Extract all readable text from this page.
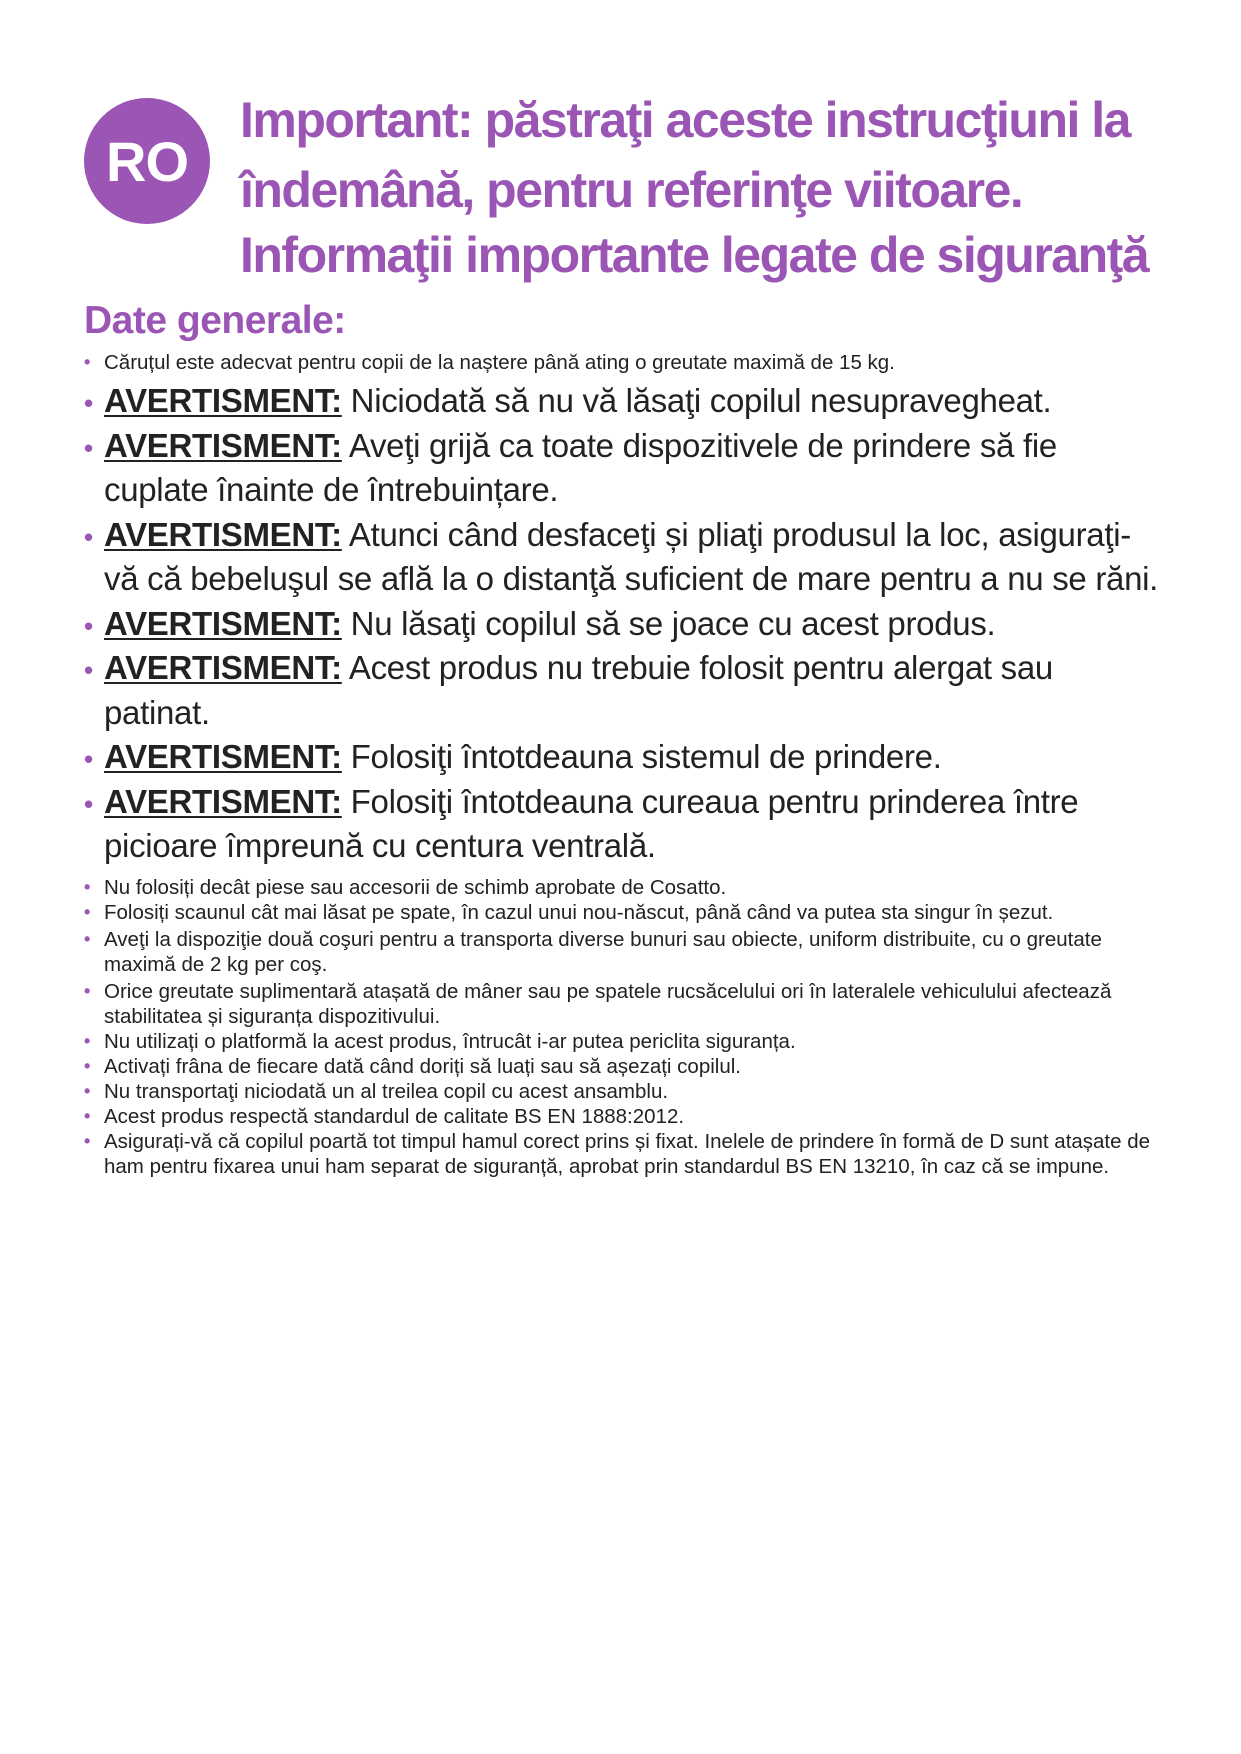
RO
Important: păstraţi aceste instrucţiuni la
îndemână, pentru referinţe viitoare.
Informaţii importante legate de siguranţă
Date generale:
• Căruțul este adecvat pentru copii de la naștere până ating o greutate maximă de 15 kg.
• AVERTISMENT: Niciodată să nu vă lăsaţi copilul nesupravegheat.
• AVERTISMENT: Aveţi grijă ca toate dispozitivele de prindere să fie cuplate înainte de întrebuințare.
• AVERTISMENT: Atunci când desfaceţi și pliaţi produsul la loc, asiguraţi-vă că bebeluşul se află la o distanţă suficient de mare pentru a nu se răni.
• AVERTISMENT: Nu lăsaţi copilul să se joace cu acest produs.
• AVERTISMENT: Acest produs nu trebuie folosit pentru alergat sau patinat.
• AVERTISMENT: Folosiţi întotdeauna sistemul de prindere.
• AVERTISMENT: Folosiţi întotdeauna cureaua pentru prinderea între picioare împreună cu centura ventrală.
• Nu folosiți decât piese sau accesorii de schimb aprobate de Cosatto.
• Folosiți scaunul cât mai lăsat pe spate, în cazul unui nou-născut, până când va putea sta singur în șezut.
• Aveţi la dispoziţie două coşuri pentru a transporta diverse bunuri sau obiecte, uniform distribuite, cu o greutate maximă de 2 kg per coş.
• Orice greutate suplimentară atașată de mâner sau pe spatele rucsăcelului ori în lateralele vehiculului afectează stabilitatea și siguranța dispozitivului.
• Nu utilizați o platformă la acest produs, întrucât i-ar putea periclita siguranța.
• Activați frâna de fiecare dată când doriți să luați sau să așezați copilul.
• Nu transportaţi niciodată un al treilea copil cu acest ansamblu.
• Acest produs respectă standardul de calitate BS EN 1888:2012.
• Asigurați-vă că copilul poartă tot timpul hamul corect prins și fixat. Inelele de prindere în formă de D sunt atașate de ham pentru fixarea unui ham separat de siguranță, aprobat prin standardul BS EN 13210, în caz că se impune.
